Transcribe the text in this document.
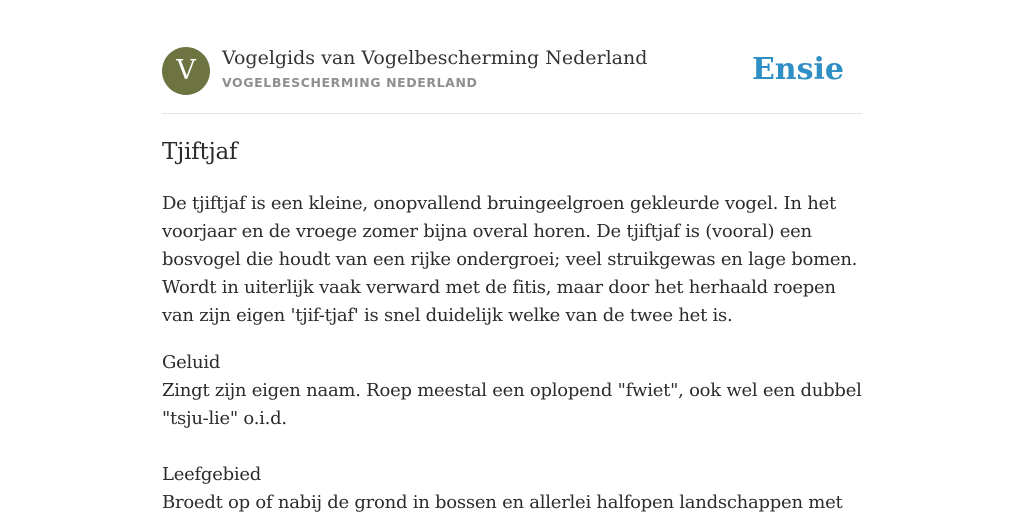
V	Vogelgids van Vogelbescherming Nederland
VOGELBESCHERMING NEDERLAND	Ensie
Tjiftjaf

De tjiftjaf is een kleine, onopvallend bruingeelgroen gekleurde vogel. In het voorjaar en de vroege zomer bijna overal horen. De tjiftjaf is (vooral) een bosvogel die houdt van een rijke ondergroei; veel struikgewas en lage bomen. Wordt in uiterlijk vaak verward met de fitis, maar door het herhaald roepen van zijn eigen 'tjif-tjaf' is snel duidelijk welke van de twee het is.

Geluid
Zingt zijn eigen naam. Roep meestal een oplopend "fwiet", ook wel een dubbel "tsju-lie" o.i.d.
Leefgebied
Broedt op of nabij de grond in bossen en allerlei halfopen landschappen met
